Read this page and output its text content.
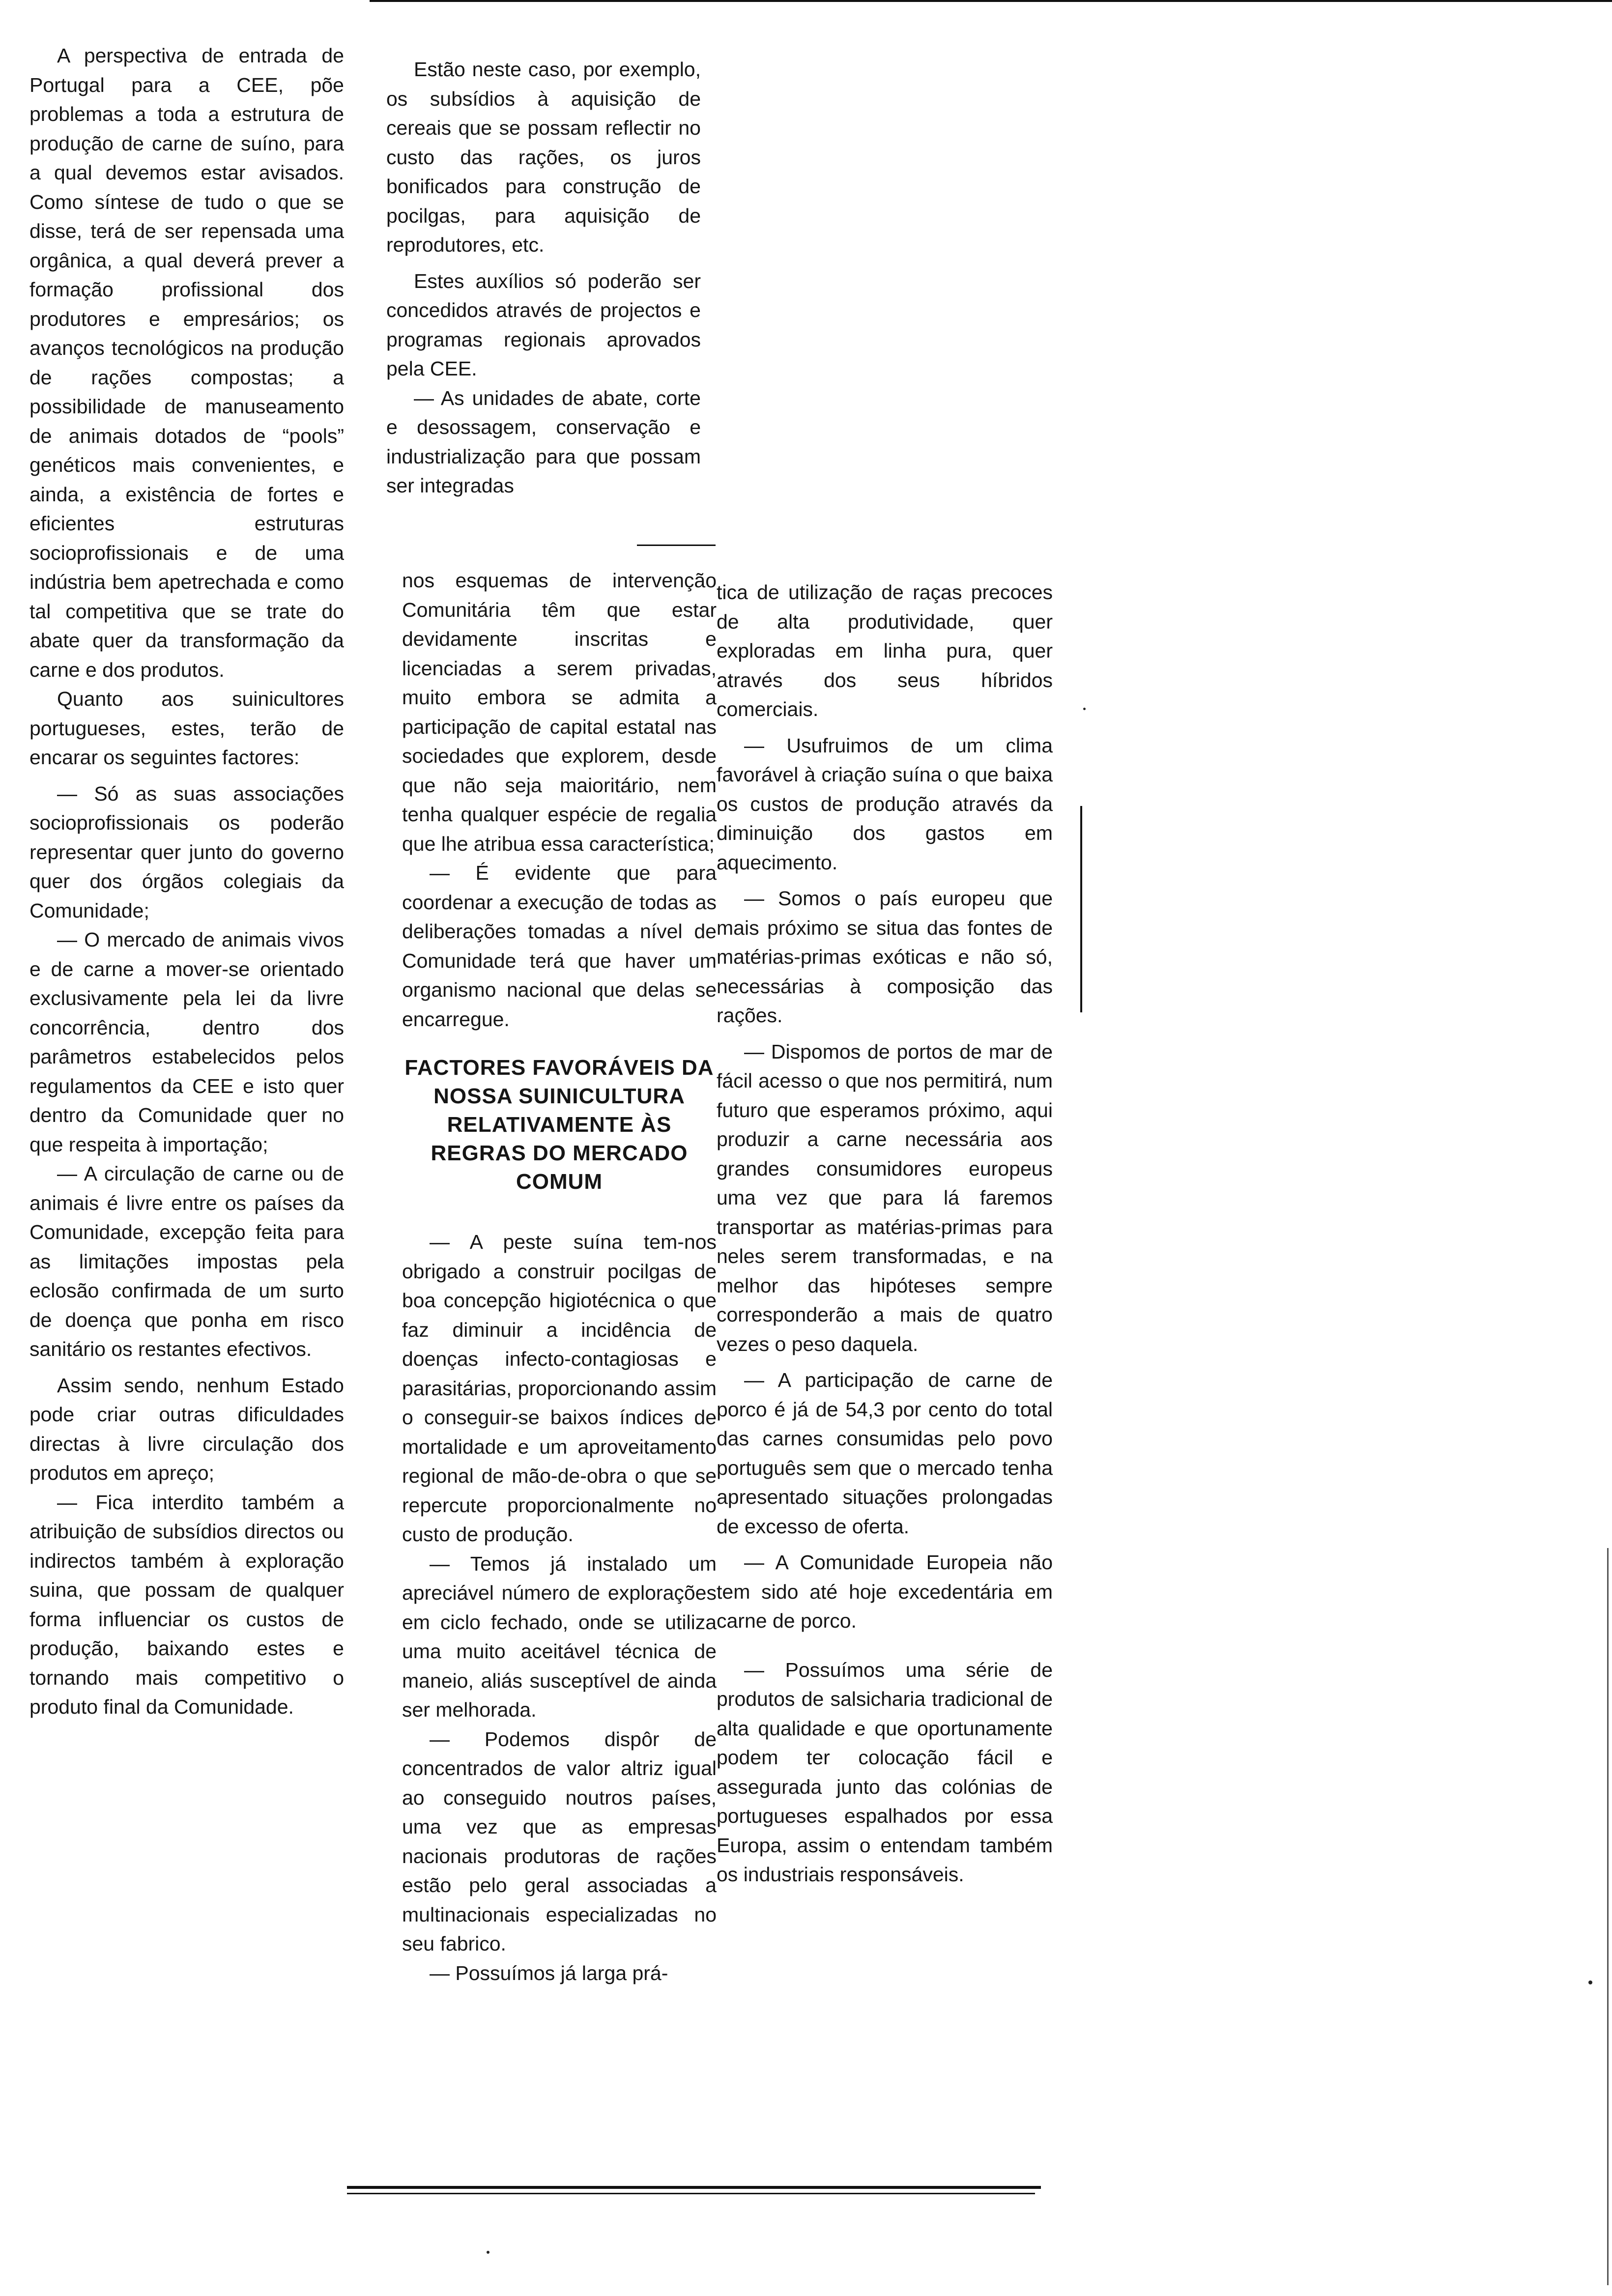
A perspectiva de entrada de Portugal para a CEE, põe problemas a toda a estrutura de produção de carne de suíno, para a qual devemos estar avisados. Como síntese de tudo o que se disse, terá de ser repensada uma orgânica, a qual deverá prever a formação profissional dos produtores e empresários; os avanços tecnológicos na produção de rações compostas; a possibilidade de manuseamento de animais dotados de “pools” genéticos mais convenientes, e ainda, a existência de fortes e eficientes estruturas socioprofissionais e de uma indústria bem apetrechada e como tal competitiva que se trate do abate quer da transformação da carne e dos produtos.

Quanto aos suinicultores portugueses, estes, terão de encarar os seguintes factores:

— Só as suas associações socioprofissionais os poderão representar quer junto do governo quer dos órgãos colegiais da Comunidade;

— O mercado de animais vivos e de carne a mover-se orientado exclusivamente pela lei da livre concorrência, dentro dos parâmetros estabelecidos pelos regulamentos da CEE e isto quer dentro da Comunidade quer no que respeita à importação;

— A circulação de carne ou de animais é livre entre os países da Comunidade, excepção feita para as limitações impostas pela eclosão confirmada de um surto de doença que ponha em risco sanitário os restantes efectivos.

Assim sendo, nenhum Estado pode criar outras dificuldades directas à livre circulação dos produtos em apreço;

— Fica interdito também a atribuição de subsídios directos ou indirectos também à exploração suina, que possam de qualquer forma influenciar os custos de produção, baixando estes e tornando mais competitivo o produto final da Comunidade.

Estão neste caso, por exemplo, os subsídios à aquisição de cereais que se possam reflectir no custo das rações, os juros bonificados para construção de pocilgas, para aquisição de reprodutores, etc.

Estes auxílios só poderão ser concedidos através de projectos e programas regionais aprovados pela CEE.

— As unidades de abate, corte e desossagem, conservação e industrialização para que possam ser integradas

nos esquemas de intervenção Comunitária têm que estar devidamente inscritas e licenciadas a serem privadas, muito embora se admita a participação de capital estatal nas sociedades que explorem, desde que não seja maioritário, nem tenha qualquer espécie de regalia que lhe atribua essa característica;

— É evidente que para coordenar a execução de todas as deliberações tomadas a nível de Comunidade terá que haver um organismo nacional que delas se encarregue.

FACTORES FAVORÁVEIS DA NOSSA SUINICULTURA RELATIVAMENTE ÀS REGRAS DO MERCADO COMUM

— A peste suína tem-nos obrigado a construir pocilgas de boa concepção higiotécnica o que faz diminuir a incidência de doenças infecto-contagiosas e parasitárias, proporcionando assim o conseguir-se baixos índices de mortalidade e um aproveitamento regional de mão-de-obra o que se repercute proporcionalmente no custo de produção.

— Temos já instalado um apreciável número de explorações em ciclo fechado, onde se utiliza uma muito aceitável técnica de maneio, aliás susceptível de ainda ser melhorada.

— Podemos dispôr de concentrados de valor altriz igual ao conseguido noutros países, uma vez que as empresas nacionais produtoras de rações estão pelo geral associadas a multinacionais especializadas no seu fabrico.

— Possuímos já larga prá-

tica de utilização de raças precoces de alta produtividade, quer exploradas em linha pura, quer através dos seus híbridos comerciais.

— Usufruimos de um clima favorável à criação suína o que baixa os custos de produção através da diminuição dos gastos em aquecimento.

— Somos o país europeu que mais próximo se situa das fontes de matérias-primas exóticas e não só, necessárias à composição das rações.

— Dispomos de portos de mar de fácil acesso o que nos permitirá, num futuro que esperamos próximo, aqui produzir a carne necessária aos grandes consumidores europeus uma vez que para lá faremos transportar as matérias-primas para neles serem transformadas, e na melhor das hipóteses sempre corresponderão a mais de quatro vezes o peso daquela.

— A participação de carne de porco é já de 54,3 por cento do total das carnes consumidas pelo povo português sem que o mercado tenha apresentado situações prolongadas de excesso de oferta.

— A Comunidade Europeia não tem sido até hoje excedentária em carne de porco.

— Possuímos uma série de produtos de salsicharia tradicional de alta qualidade e que oportunamente podem ter colocação fácil e assegurada junto das colónias de portugueses espalhados por essa Europa, assim o entendam também os industriais responsáveis.
